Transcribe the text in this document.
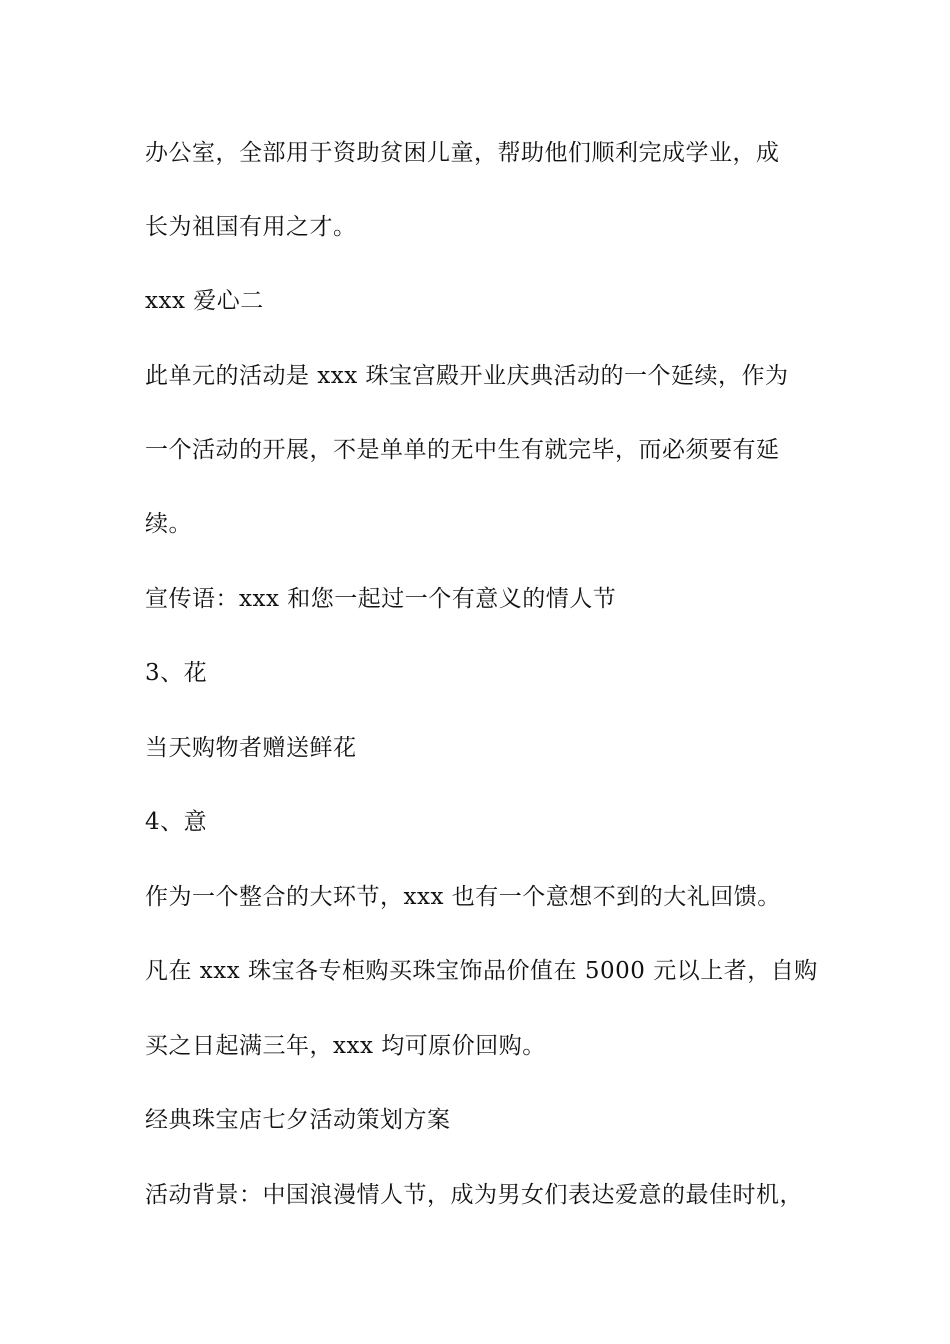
办公室，全部用于资助贫困儿童，帮助他们顺利完成学业，成
长为祖国有用之才。
xxx 爱心二
此单元的活动是 xxx 珠宝宫殿开业庆典活动的一个延续，作为
一个活动的开展，不是单单的无中生有就完毕，而必须要有延
续。
宣传语：xxx 和您一起过一个有意义的情人节
3、花
当天购物者赠送鲜花
4、意
作为一个整合的大环节，xxx 也有一个意想不到的大礼回馈。
凡在 xxx 珠宝各专柜购买珠宝饰品价值在 5000 元以上者，自购
买之日起满三年，xxx 均可原价回购。
经典珠宝店七夕活动策划方案
活动背景：中国浪漫情人节，成为男女们表达爱意的最佳时机，
